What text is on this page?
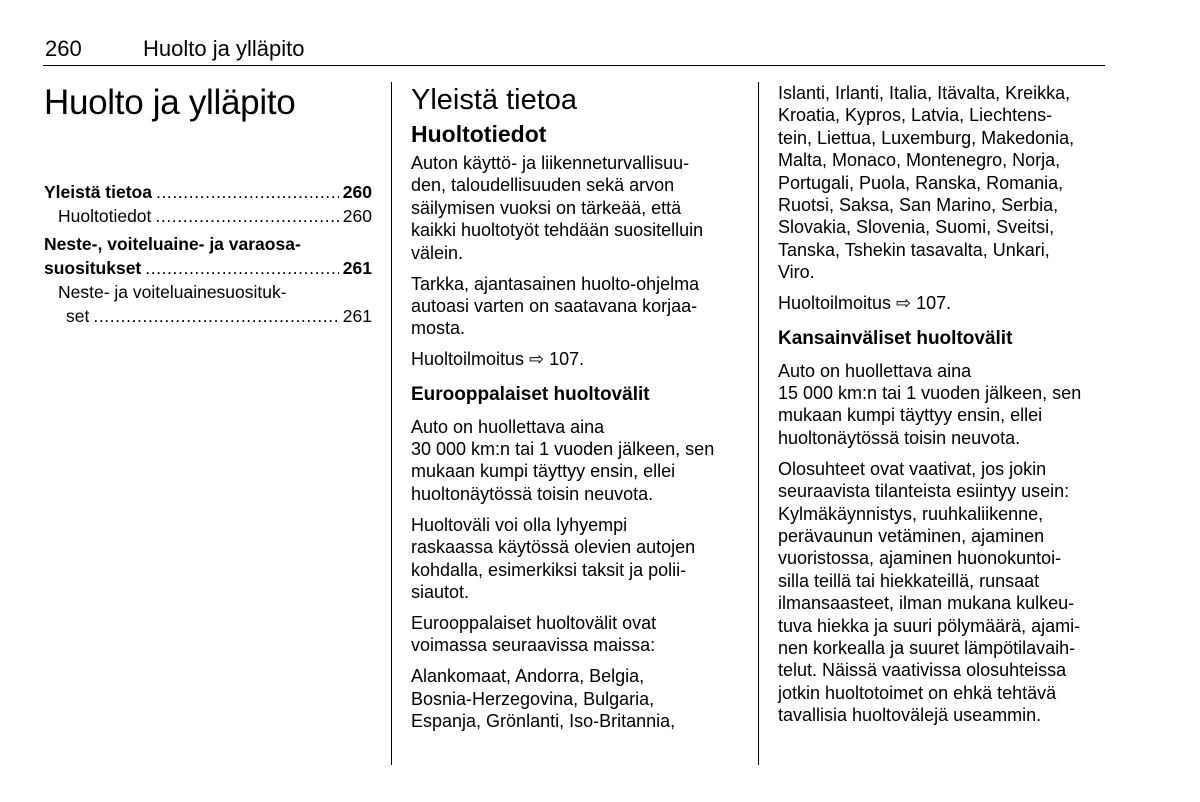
260	Huolto ja ylläpito
Huolto ja ylläpito
Yleistä tietoa .....	260
Huoltotiedot .....	260
Neste-, voiteluaine- ja varaosa-
suositukset .....	261
Neste- ja voiteluainesuosituk-
set .....	261
Yleistä tietoa
Huoltotiedot

Auton käyttö- ja liikenneturvallisuu-
den, taloudellisuuden sekä arvon
säilymisen vuoksi on tärkeää, että
kaikki huoltotyöt tehdään suositelluin
välein.

Tarkka, ajantasainen huolto-ohjelma
autoasi varten on saatavana korjaa-
mosta.

Huoltoilmoitus ⇨ 107.

Eurooppalaiset huoltovälit

Auto on huollettava aina
30 000 km:n tai 1 vuoden jälkeen, sen
mukaan kumpi täyttyy ensin, ellei
huoltonäytössä toisin neuvota.

Huoltoväli voi olla lyhyempi
raskaassa käytössä olevien autojen
kohdalla, esimerkiksi taksit ja polii-
siautot.

Eurooppalaiset huoltovälit ovat
voimassa seuraavissa maissa:

Alankomaat, Andorra, Belgia,
Bosnia-Herzegovina, Bulgaria,
Espanja, Grönlanti, Iso-Britannia,

Islanti, Irlanti, Italia, Itävalta, Kreikka,
Kroatia, Kypros, Latvia, Liechtens-
tein, Liettua, Luxemburg, Makedonia,
Malta, Monaco, Montenegro, Norja,
Portugali, Puola, Ranska, Romania,
Ruotsi, Saksa, San Marino, Serbia,
Slovakia, Slovenia, Suomi, Sveitsi,
Tanska, Tshekin tasavalta, Unkari,
Viro.

Huoltoilmoitus ⇨ 107.

Kansainväliset huoltovälit

Auto on huollettava aina
15 000 km:n tai 1 vuoden jälkeen, sen
mukaan kumpi täyttyy ensin, ellei
huoltonäytössä toisin neuvota.

Olosuhteet ovat vaativat, jos jokin
seuraavista tilanteista esiintyy usein:
Kylmäkäynnistys, ruuhkaliikenne,
perävaunun vetäminen, ajaminen
vuoristossa, ajaminen huonokuntoi-
silla teillä tai hiekkateillä, runsaat
ilmansaasteet, ilman mukana kulkeu-
tuva hiekka ja suuri pölymäärä, ajami-
nen korkealla ja suuret lämpötilavaih-
telut. Näissä vaativissa olosuhteissa
jotkin huoltotoimet on ehkä tehtävä
tavallisia huoltovälejä useammin.
